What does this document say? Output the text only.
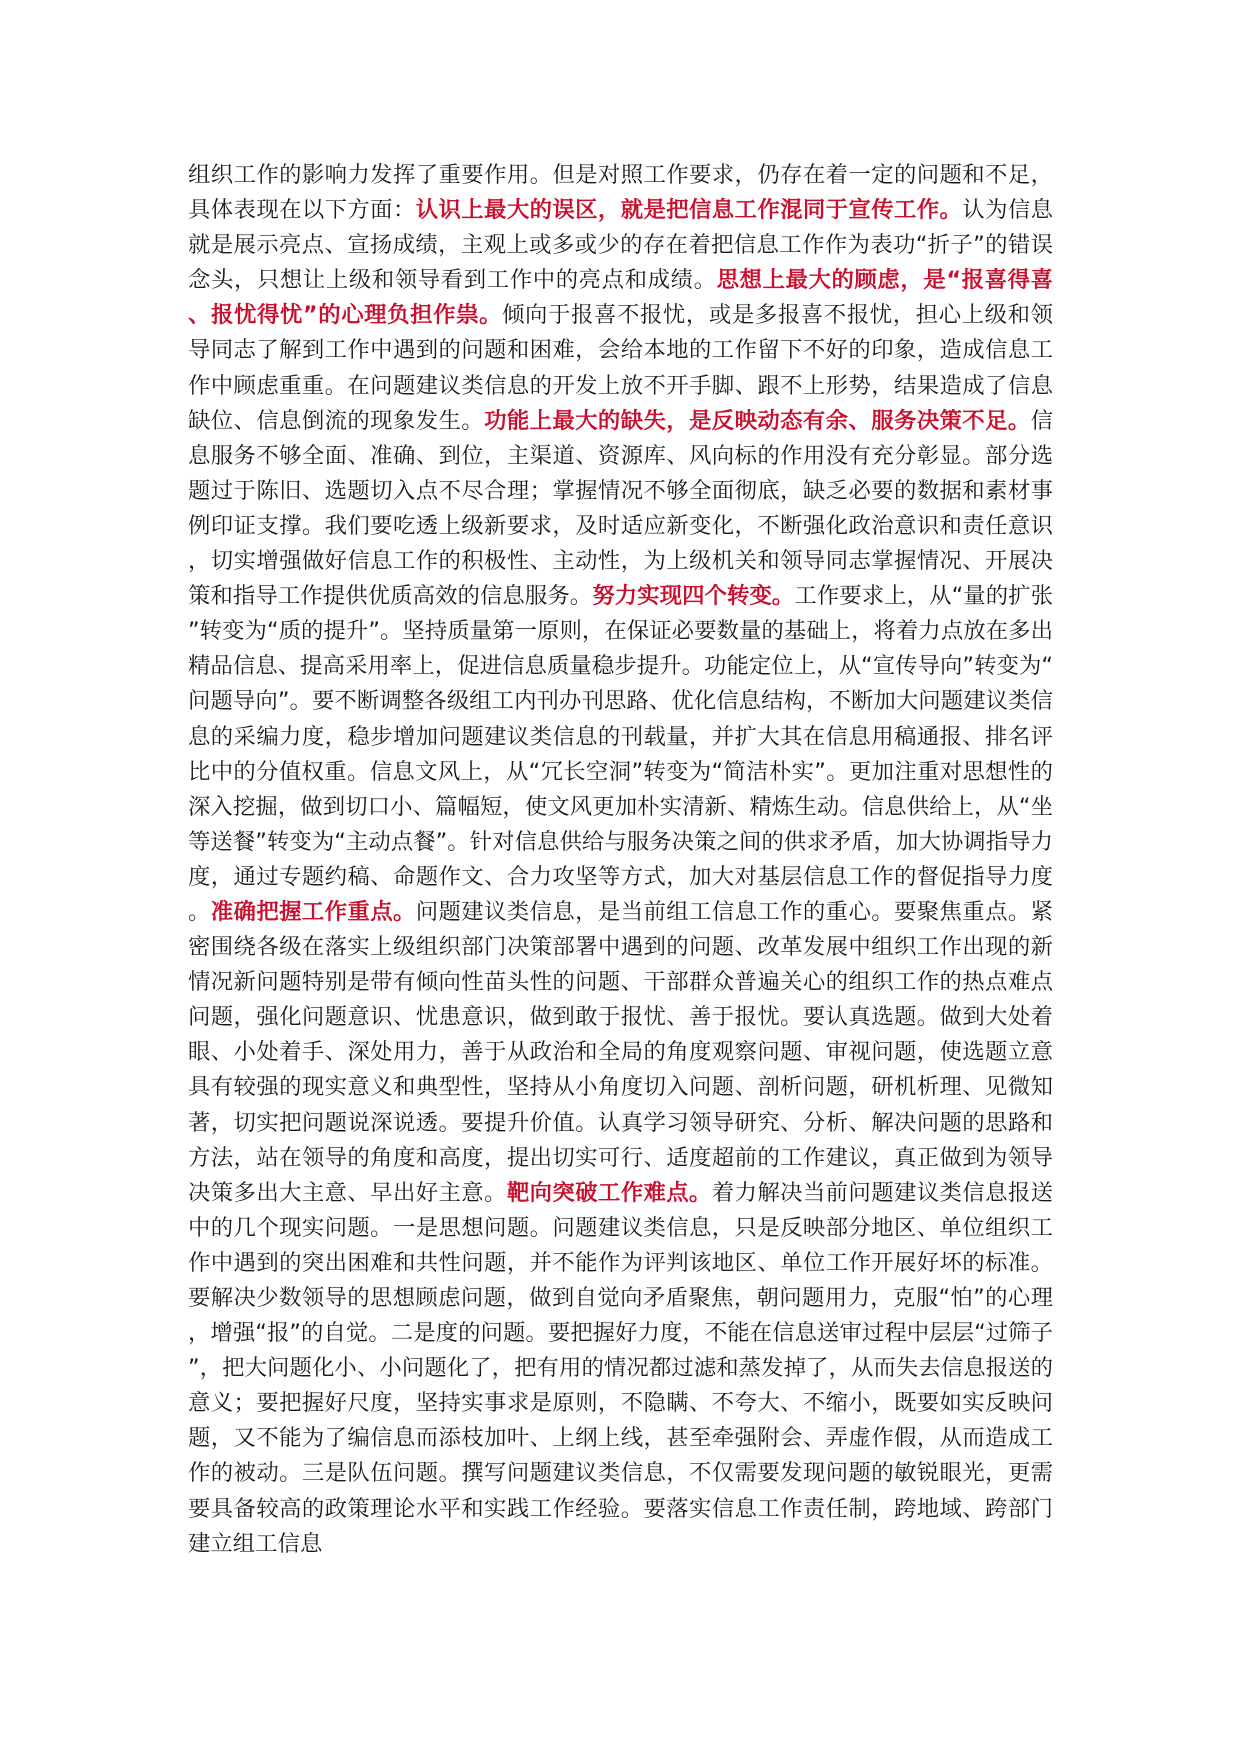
组织工作的影响力发挥了重要作用。但是对照工作要求，仍存在着一定的问题和不足，具体表现在以下方面：认识上最大的误区，就是把信息工作混同于宣传工作。认为信息就是展示亮点、宣扬成绩，主观上或多或少的存在着把信息工作作为表功“折子”的错误念头，只想让上级和领导看到工作中的亮点和成绩。思想上最大的顾虑，是“报喜得喜、报忧得忧”的心理负担作祟。倾向于报喜不报忧，或是多报喜不报忧，担心上级和领导同志了解到工作中遇到的问题和困难，会给本地的工作留下不好的印象，造成信息工作中顾虑重重。在问题建议类信息的开发上放不开手脚、跟不上形势，结果造成了信息缺位、信息倒流的现象发生。功能上最大的缺失，是反映动态有余、服务决策不足。信息服务不够全面、准确、到位，主渠道、资源库、风向标的作用没有充分彰显。部分选题过于陈旧、选题切入点不尽合理；掌握情况不够全面彻底，缺乏必要的数据和素材事例印证支撑。我们要吃透上级新要求，及时适应新变化，不断强化政治意识和责任意识，切实增强做好信息工作的积极性、主动性，为上级机关和领导同志掌握情况、开展决策和指导工作提供优质高效的信息服务。努力实现四个转变。工作要求上，从“量的扩张”转变为“质的提升”。坚持质量第一原则，在保证必要数量的基础上，将着力点放在多出精品信息、提高采用率上，促进信息质量稳步提升。功能定位上，从“宣传导向”转变为“问题导向”。要不断调整各级组工内刊办刊思路、优化信息结构，不断加大问题建议类信息的采编力度，稳步增加问题建议类信息的刊载量，并扩大其在信息用稿通报、排名评比中的分值权重。信息文风上，从“冗长空洞”转变为“简洁朴实”。更加注重对思想性的深入挖掘，做到切口小、篇幅短，使文风更加朴实清新、精炼生动。信息供给上，从“坐等送餐”转变为“主动点餐”。针对信息供给与服务决策之间的供求矛盾，加大协调指导力度，通过专题约稿、命题作文、合力攻坚等方式，加大对基层信息工作的督促指导力度。准确把握工作重点。问题建议类信息，是当前组工信息工作的重心。要聚焦重点。紧密围绕各级在落实上级组织部门决策部署中遇到的问题、改革发展中组织工作出现的新情况新问题特别是带有倾向性苗头性的问题、干部群众普遍关心的组织工作的热点难点问题，强化问题意识、忧患意识，做到敢于报忧、善于报忧。要认真选题。做到大处着眼、小处着手、深处用力，善于从政治和全局的角度观察问题、审视问题，使选题立意具有较强的现实意义和典型性，坚持从小角度切入问题、剖析问题，研机析理、见微知著，切实把问题说深说透。要提升价值。认真学习领导研究、分析、解决问题的思路和方法，站在领导的角度和高度，提出切实可行、适度超前的工作建议，真正做到为领导决策多出大主意、早出好主意。靶向突破工作难点。着力解决当前问题建议类信息报送中的几个现实问题。一是思想问题。问题建议类信息，只是反映部分地区、单位组织工作中遇到的突出困难和共性问题，并不能作为评判该地区、单位工作开展好坏的标准。要解决少数领导的思想顾虑问题，做到自觉向矛盾聚焦，朝问题用力，克服“怕”的心理，增强“报”的自觉。二是度的问题。要把握好力度，不能在信息送审过程中层层“过筛子”，把大问题化小、小问题化了，把有用的情况都过滤和蒸发掉了，从而失去信息报送的意义；要把握好尺度，坚持实事求是原则，不隐瞒、不夸大、不缩小，既要如实反映问题，又不能为了编信息而添枝加叶、上纲上线，甚至牵强附会、弄虚作假，从而造成工作的被动。三是队伍问题。撰写问题建议类信息，不仅需要发现问题的敏锐眼光，更需要具备较高的政策理论水平和实践工作经验。要落实信息工作责任制，跨地域、跨部门建立组工信息
